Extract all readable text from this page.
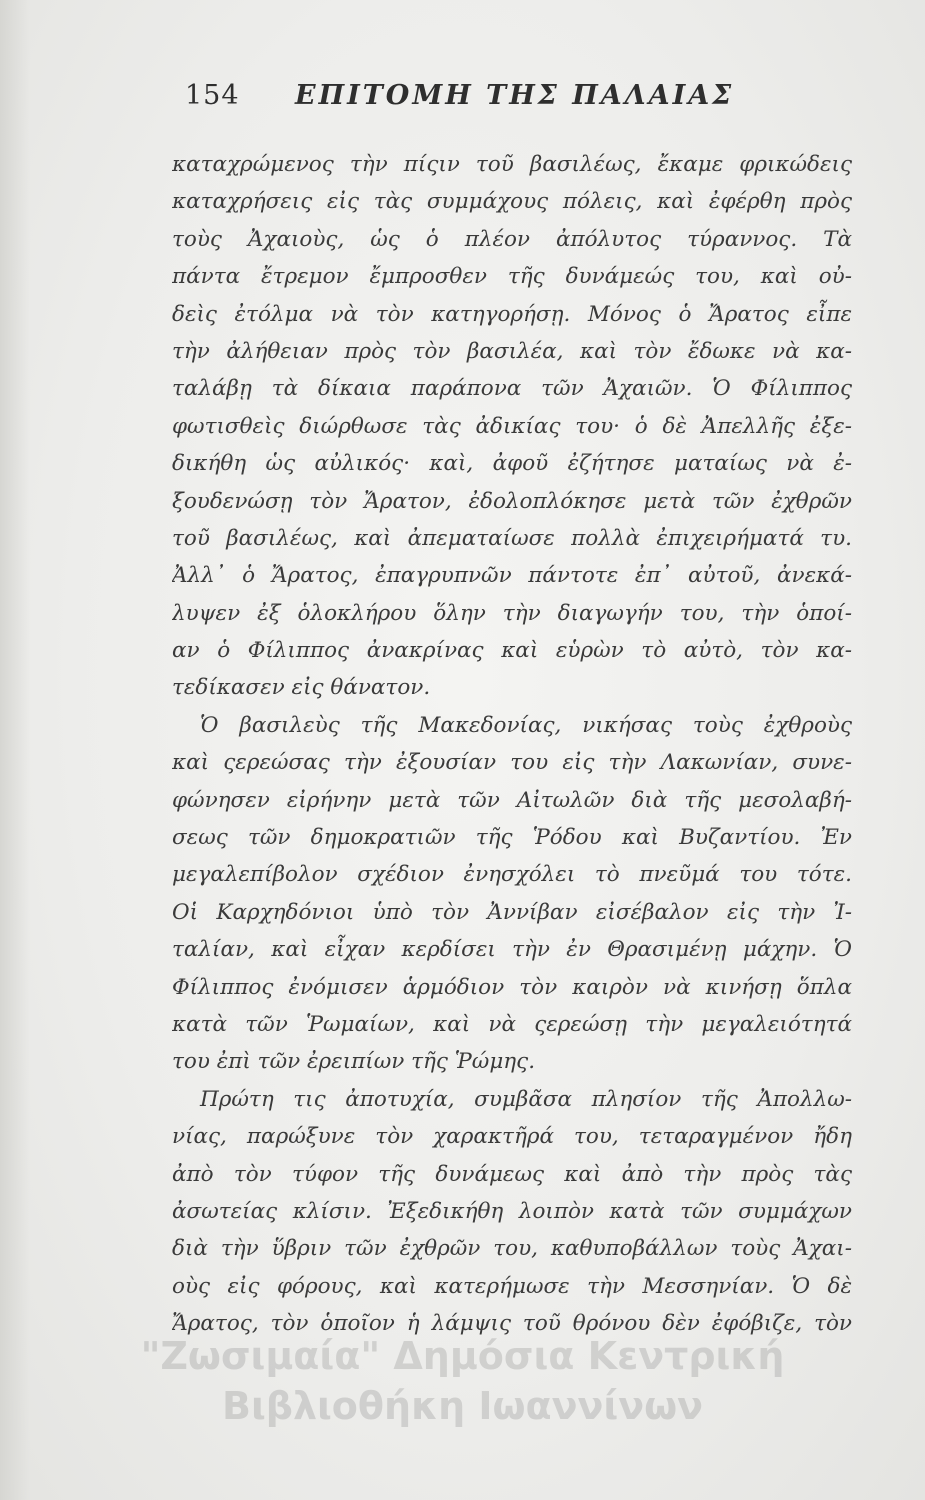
154 ΕΠΙΤΟΜΗ ΤΗΣ ΠΑΛΑΙΑΣ
καταχρώμενος τὴν πίςιν τοῦ βασιλέως, ἔκαμε φρικώδεις
καταχρήσεις εἰς τὰς συμμάχους πόλεις, καὶ ἐφέρθη πρὸς
τοὺς Ἀχαιοὺς, ὡς ὁ πλέον ἀπόλυτος τύραννος. Τὰ
πάντα ἔτρεμον ἔμπροσθεν τῆς δυνάμεώς του, καὶ οὐ-
δεὶς ἐτόλμα νὰ τὸν κατηγορήσῃ. Μόνος ὁ Ἄρατος εἶπε
τὴν ἀλήθειαν πρὸς τὸν βασιλέα, καὶ τὸν ἔδωκε νὰ κα-
ταλάβῃ τὰ δίκαια παράπονα τῶν Ἀχαιῶν. Ὁ Φίλιππος
φωτισθεὶς διώρθωσε τὰς ἀδικίας του· ὁ δὲ Ἀπελλῆς ἐξε-
δικήθη ὡς αὐλικός· καὶ, ἀφοῦ ἐζήτησε ματαίως νὰ ἐ-
ξουδενώσῃ τὸν Ἄρατον, ἐδολοπλόκησε μετὰ τῶν ἐχθρῶν
τοῦ βασιλέως, καὶ ἀπεματαίωσε πολλὰ ἐπιχειρήματά τυ.
Ἀλλ᾽ ὁ Ἄρατος, ἐπαγρυπνῶν πάντοτε ἐπ᾽ αὐτοῦ, ἀνεκά-
λυψεν ἐξ ὁλοκλήρου ὅλην τὴν διαγωγήν του, τὴν ὁποί-
αν ὁ Φίλιππος ἀνακρίνας καὶ εὑρὼν τὸ αὐτὸ, τὸν κα-
τεδίκασεν εἰς θάνατον.
Ὁ βασιλεὺς τῆς Μακεδονίας, νικήσας τοὺς ἐχθροὺς
καὶ ςερεώσας τὴν ἐξουσίαν του εἰς τὴν Λακωνίαν, συνε-
φώνησεν εἰρήνην μετὰ τῶν Αἰτωλῶν διὰ τῆς μεσολαβή-
σεως τῶν δημοκρατιῶν τῆς Ῥόδου καὶ Βυζαντίου. Ἐν
μεγαλεπίβολον σχέδιον ἐνησχόλει τὸ πνεῦμά του τότε.
Οἱ Καρχηδόνιοι ὑπὸ τὸν Ἀννίβαν εἰσέβαλον εἰς τὴν Ἰ-
ταλίαν, καὶ εἶχαν κερδίσει τὴν ἐν Θρασιμένῃ μάχην. Ὁ
Φίλιππος ἐνόμισεν ἁρμόδιον τὸν καιρὸν νὰ κινήσῃ ὅπλα
κατὰ τῶν Ῥωμαίων, καὶ νὰ ςερεώσῃ τὴν μεγαλειότητά
του ἐπὶ τῶν ἐρειπίων τῆς Ῥώμης.
Πρώτη τις ἀποτυχία, συμβᾶσα πλησίον τῆς Ἀπολλω-
νίας, παρώξυνε τὸν χαρακτῆρά του, τεταραγμένον ἤδη
ἀπὸ τὸν τύφον τῆς δυνάμεως καὶ ἀπὸ τὴν πρὸς τὰς
ἀσωτείας κλίσιν. Ἐξεδικήθη λοιπὸν κατὰ τῶν συμμάχων
διὰ τὴν ὕβριν τῶν ἐχθρῶν του, καθυποβάλλων τοὺς Ἀχαι-
οὺς εἰς φόρους, καὶ κατερήμωσε τὴν Μεσσηνίαν. Ὁ δὲ
Ἄρατος, τὸν ὁποῖον ἡ λάμψις τοῦ θρόνου δὲν ἐφόβιζε, τὸν
"Ζωσιμαία" Δημόσια Κεντρική
Βιβλιοθήκη Ιωαννίνων
